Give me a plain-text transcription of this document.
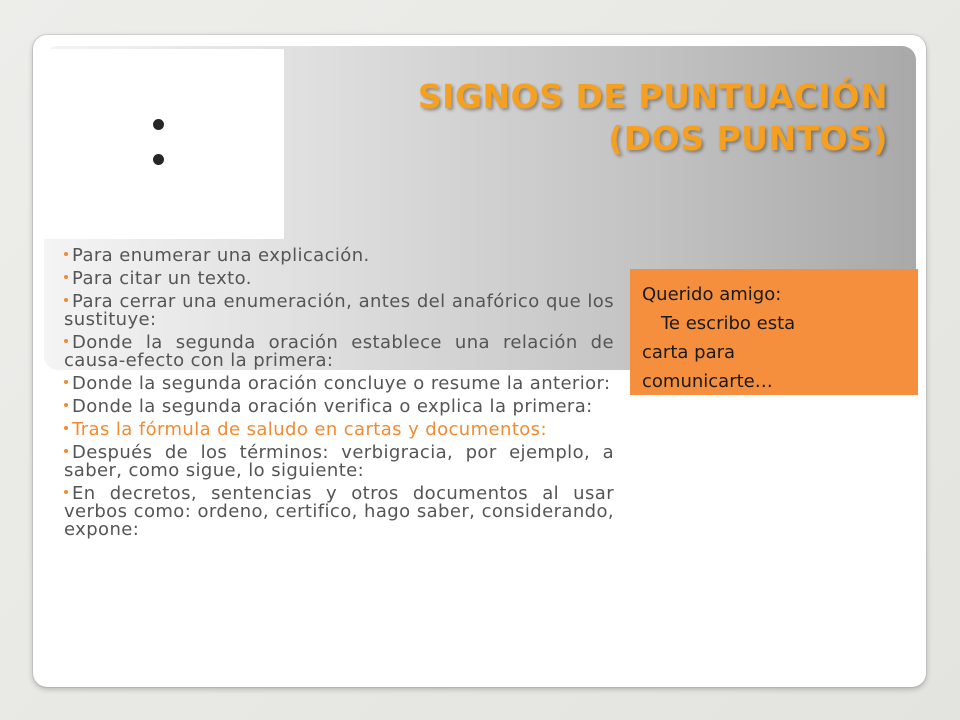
SIGNOS DE PUNTUACIÓN
(DOS PUNTOS)
Para enumerar una explicación.
Para citar un texto.
Para cerrar una enumeración, antes del anafórico que los sustituye:
Donde la segunda oración establece una relación de causa-efecto con la primera:
Donde la segunda oración concluye o resume la anterior:
Donde la segunda oración verifica o explica la primera:
Tras la fórmula de saludo en cartas y documentos:
Después de los términos: verbigracia, por ejemplo, a saber, como sigue, lo siguiente:
En decretos, sentencias y otros documentos al usar verbos como: ordeno, certifico, hago saber, considerando, expone:
Querido amigo:
Te escribo esta
carta para
comunicarte…
